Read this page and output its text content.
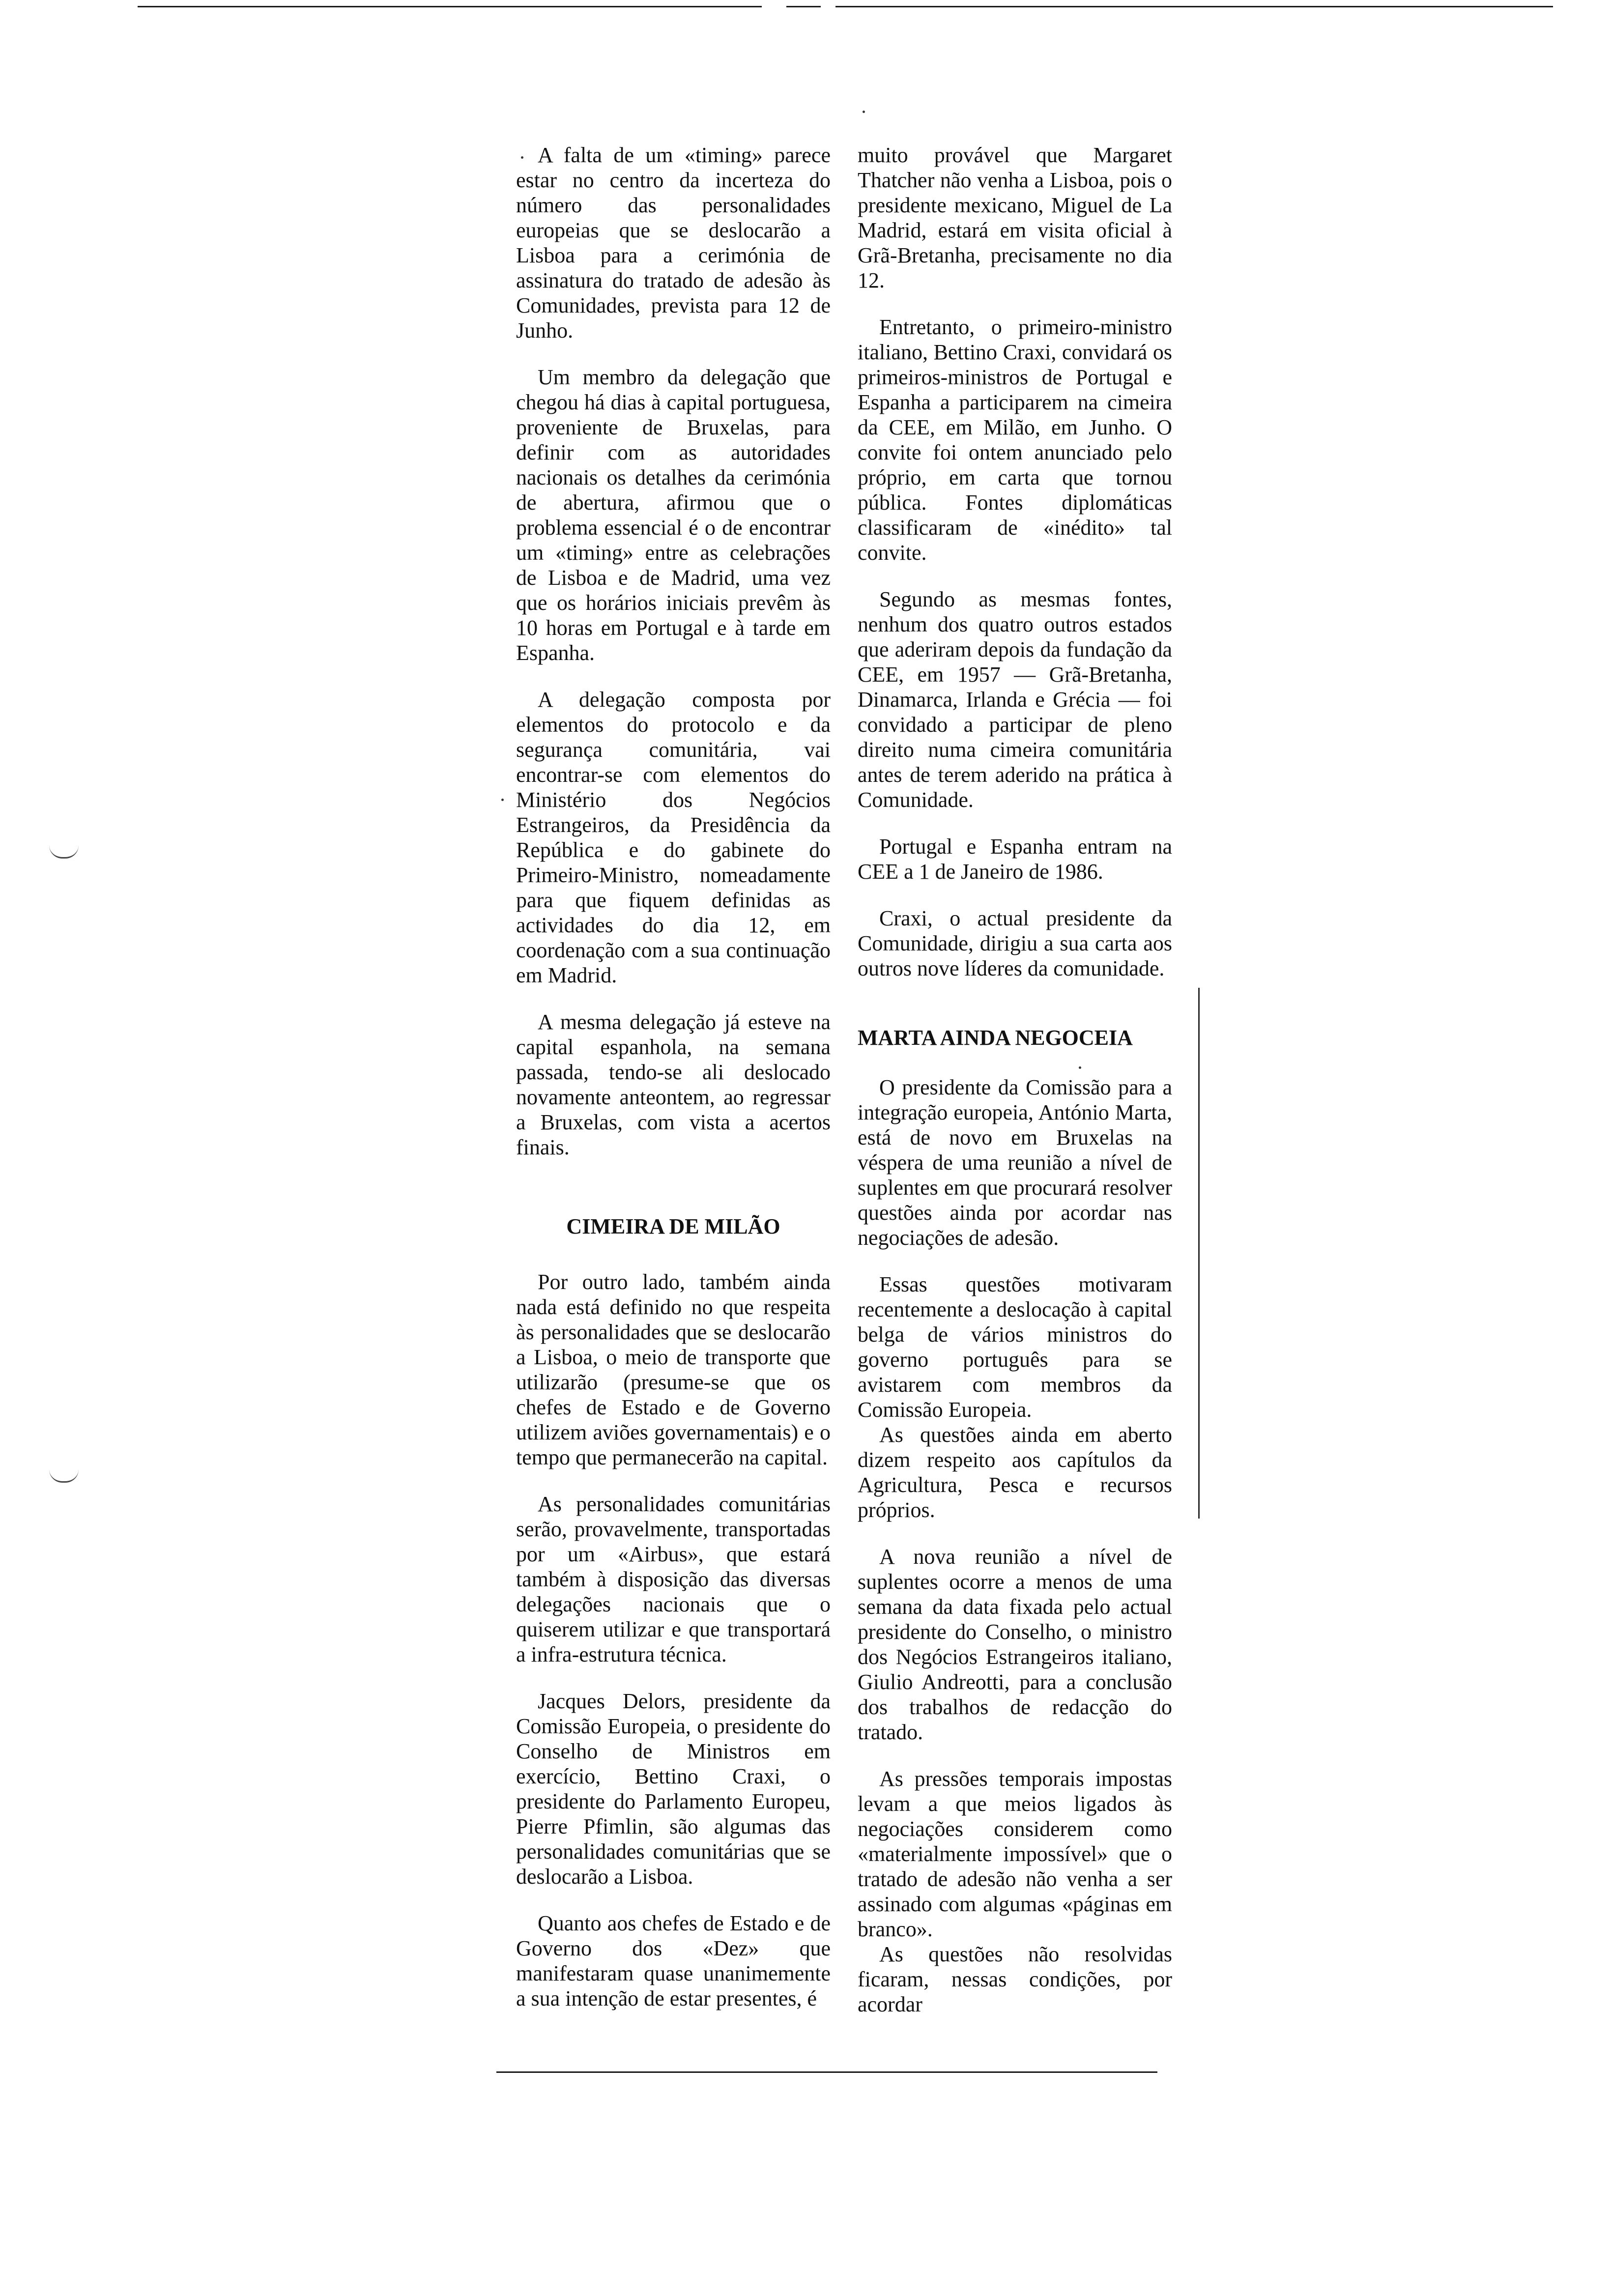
A falta de um «timing» parece estar no centro da incerteza do número das personalidades europeias que se deslocarão a Lisboa para a cerimónia de assinatura do tratado de adesão às Comunidades, prevista para 12 de Junho.

Um membro da delegação que chegou há dias à capital portuguesa, proveniente de Bruxelas, para definir com as autoridades nacionais os detalhes da cerimónia de abertura, afirmou que o problema essencial é o de encontrar um «timing» entre as celebrações de Lisboa e de Madrid, uma vez que os horários iniciais prevêm às 10 horas em Portugal e à tarde em Espanha.

A delegação composta por elementos do protocolo e da segurança comunitária, vai encontrar-se com elementos do Ministério dos Negócios Estrangeiros, da Presidência da República e do gabinete do Primeiro-Ministro, nomeadamente para que fiquem definidas as actividades do dia 12, em coordenação com a sua continuação em Madrid.

A mesma delegação já esteve na capital espanhola, na semana passada, tendo-se ali deslocado novamente anteontem, ao regressar a Bruxelas, com vista a acertos finais.

CIMEIRA DE MILÃO

Por outro lado, também ainda nada está definido no que respeita às personalidades que se deslocarão a Lisboa, o meio de transporte que utilizarão (presume-se que os chefes de Estado e de Governo utilizem aviões governamentais) e o tempo que permanecerão na capital.

As personalidades comunitárias serão, provavelmente, transportadas por um «Airbus», que estará também à disposição das diversas delegações nacionais que o quiserem utilizar e que transportará a infra-estrutura técnica.

Jacques Delors, presidente da Comissão Europeia, o presidente do Conselho de Ministros em exercício, Bettino Craxi, o presidente do Parlamento Europeu, Pierre Pfimlin, são algumas das personalidades comunitárias que se deslocarão a Lisboa.

Quanto aos chefes de Estado e de Governo dos «Dez» que manifestaram quase unanimemente a sua intenção de estar presentes, é

muito provável que Margaret Thatcher não venha a Lisboa, pois o presidente mexicano, Miguel de La Madrid, estará em visita oficial à Grã-Bretanha, precisamente no dia 12.

Entretanto, o primeiro-ministro italiano, Bettino Craxi, convidará os primeiros-ministros de Portugal e Espanha a participarem na cimeira da CEE, em Milão, em Junho. O convite foi ontem anunciado pelo próprio, em carta que tornou pública. Fontes diplomáticas classificaram de «inédito» tal convite.

Segundo as mesmas fontes, nenhum dos quatro outros estados que aderiram depois da fundação da CEE, em 1957 — Grã-Bretanha, Dinamarca, Irlanda e Grécia — foi convidado a participar de pleno direito numa cimeira comunitária antes de terem aderido na prática à Comunidade.

Portugal e Espanha entram na CEE a 1 de Janeiro de 1986.

Craxi, o actual presidente da Comunidade, dirigiu a sua carta aos outros nove líderes da comunidade.

MARTA AINDA NEGOCEIA

O presidente da Comissão para a integração europeia, António Marta, está de novo em Bruxelas na véspera de uma reunião a nível de suplentes em que procurará resolver questões ainda por acordar nas negociações de adesão.

Essas questões motivaram recentemente a deslocação à capital belga de vários ministros do governo português para se avistarem com membros da Comissão Europeia.

As questões ainda em aberto dizem respeito aos capítulos da Agricultura, Pesca e recursos próprios.

A nova reunião a nível de suplentes ocorre a menos de uma semana da data fixada pelo actual presidente do Conselho, o ministro dos Negócios Estrangeiros italiano, Giulio Andreotti, para a conclusão dos trabalhos de redacção do tratado.

As pressões temporais impostas levam a que meios ligados às negociações considerem como «materialmente impossível» que o tratado de adesão não venha a ser assinado com algumas «páginas em branco».

As questões não resolvidas ficaram, nessas condições, por acordar
